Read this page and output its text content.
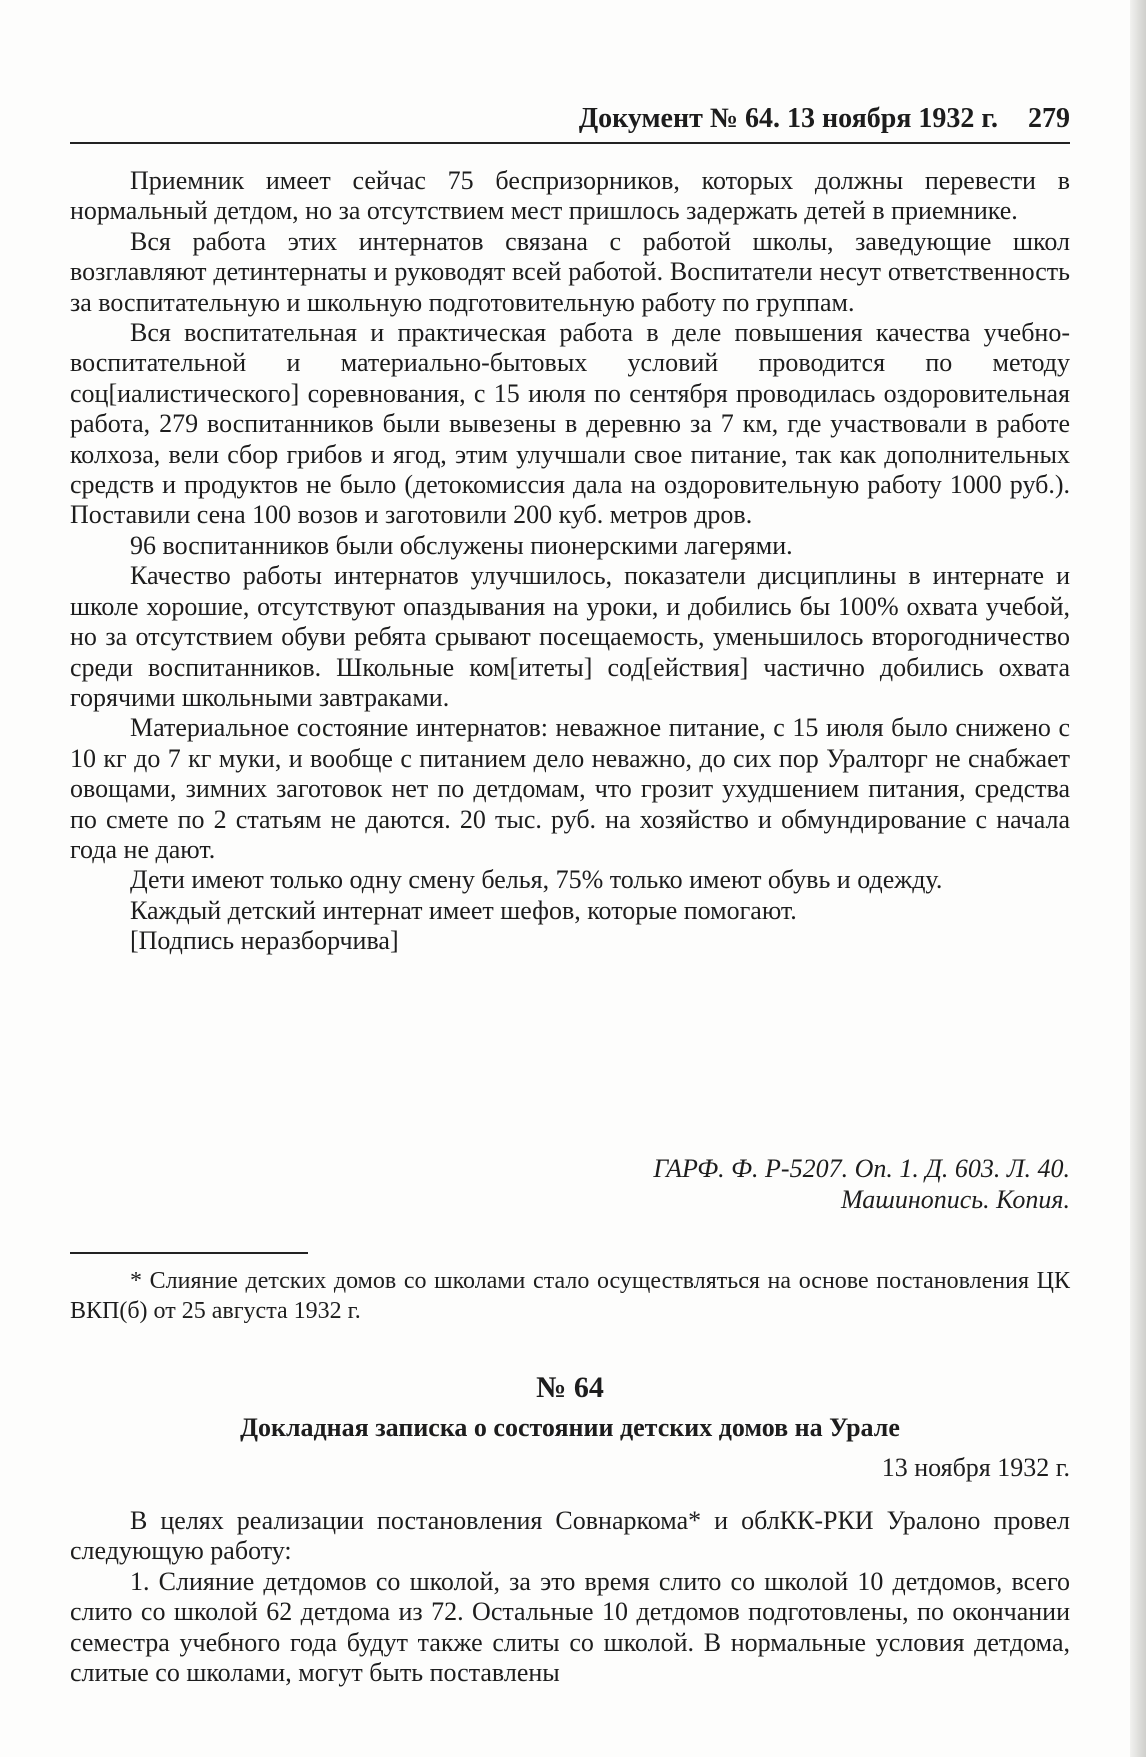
Документ № 64. 13 ноября 1932 г. 279

Приемник имеет сейчас 75 беспризорников, которых должны перевести в нормальный детдом, но за отсутствием мест пришлось задержать детей в приемнике.

Вся работа этих интернатов связана с работой школы, заведующие школ возглавляют детинтернаты и руководят всей работой. Воспитатели несут ответственность за воспитательную и школьную подготовительную работу по группам.

Вся воспитательная и практическая работа в деле повышения качества учебно-воспитательной и материально-бытовых условий проводится по методу соц[иалистического] соревнования, с 15 июля по сентября проводилась оздоровительная работа, 279 воспитанников были вывезены в деревню за 7 км, где участвовали в работе колхоза, вели сбор грибов и ягод, этим улучшали свое питание, так как дополнительных средств и продуктов не было (детокомиссия дала на оздоровительную работу 1000 руб.). Поставили сена 100 возов и заготовили 200 куб. метров дров.

96 воспитанников были обслужены пионерскими лагерями.

Качество работы интернатов улучшилось, показатели дисциплины в интернате и школе хорошие, отсутствуют опаздывания на уроки, и добились бы 100% охвата учебой, но за отсутствием обуви ребята срывают посещаемость, уменьшилось второгодничество среди воспитанников. Школьные ком[итеты] сод[ействия] частично добились охвата горячими школьными завтраками.

Материальное состояние интернатов: неважное питание, с 15 июля было снижено с 10 кг до 7 кг муки, и вообще с питанием дело неважно, до сих пор Уралторг не снабжает овощами, зимних заготовок нет по детдомам, что грозит ухудшением питания, средства по смете по 2 статьям не даются. 20 тыс. руб. на хозяйство и обмундирование с начала года не дают.

Дети имеют только одну смену белья, 75% только имеют обувь и одежду.

Каждый детский интернат имеет шефов, которые помогают.

[Подпись неразборчива]

ГАРФ. Ф. Р-5207. Оп. 1. Д. 603. Л. 40.

Машинопись. Копия.

* Слияние детских домов со школами стало осуществляться на основе постановления ЦК ВКП(б) от 25 августа 1932 г.

№ 64
Докладная записка о состоянии детских домов на Урале
13 ноября 1932 г.

В целях реализации постановления Совнаркома* и облКК-РКИ Уралоно провел следующую работу:

1. Слияние детдомов со школой, за это время слито со школой 10 детдомов, всего слито со школой 62 детдома из 72. Остальные 10 детдомов подготовлены, по окончании семестра учебного года будут также слиты со школой. В нормальные условия детдома, слитые со школами, могут быть поставлены
